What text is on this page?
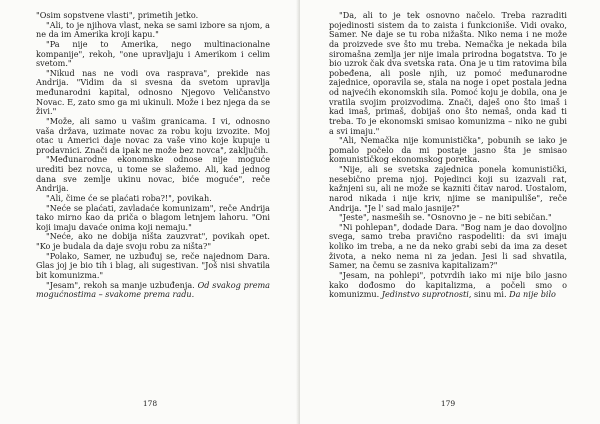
"Osim sopstvene vlasti", primetih jetko.

"Ali, to je njihova vlast, neka se sami izbore sa njom, a ne da im Amerika kroji kapu."

"Pa nije to Amerika, nego multinacionalne kompanije", rekoh, "one upravljaju i Amerikom i celim svetom."

"Nikud nas ne vodi ova rasprava", prekide nas Andrija. "Vidim da si svesna da svetom upravlja međunarodni kapital, odnosno Njegovo Veličanstvo Novac. E, zato smo ga mi ukinuli. Može i bez njega da se živi."

"Može, ali samo u vašim granicama. I vi, odnosno vaša država, uzimate novac za robu koju izvozite. Moj otac u Americi daje novac za vaše vino koje kupuje u prodavnici. Znači da ipak ne može bez novca", zaključih.

"Međunarodne ekonomske odnose nije moguće urediti bez novca, u tome se slažemo. Ali, kad jednog dana sve zemlje ukinu novac, biće moguće", reče Andrija.

"Ali, čime će se plaćati roba?!", povikah.

"Neće se plaćati, zavladaće komunizam", reče Andrija tako mirno kao da priča o blagom letnjem lahoru. "Oni koji imaju davaće onima koji nemaju."

"Neće, ako ne dobija ništa zauzvrat", povikah opet. "Ko je budala da daje svoju robu za ništa?"

"Polako, Samer, ne uzbuđuj se, reče najednom Dara. Glas joj je bio tih i blag, ali sugestivan. "Još nisi shvatila bit komunizma."

"Jesam", rekoh sa manje uzbuđenja. Od svakog prema mogućnostima – svakome prema radu.

178

"Da, ali to je tek osnovno načelo. Treba razraditi pojedinosti sistem da to zaista i funkcioniše. Vidi ovako, Samer. Ne daje se tu roba nižašta. Niko nema i ne može da proizvede sve što mu treba. Nemačka je nekada bila siromašna zemlja jer nije imala prirodna bogatstva. To je bio uzrok čak dva svetska rata. Ona je u tim ratovima bila pobeđena, ali posle njih, uz pomoć međunarodne zajednice, oporavila se, stala na noge i opet postala jedna od najvećih ekonomskih sila. Pomoć koju je dobila, ona je vratila svojim proizvodima. Znači, daješ ono što imaš i kad imaš, primaš, dobijaš ono što nemaš, onda kad ti treba. To je ekonomski smisao komunizma – niko ne gubi a svi imaju."

"Ali, Nemačka nije komunistička", pobunih se iako je pomalo počelo da mi postaje jasno šta je smisao komunističkog ekonomskog poretka.

"Nije, ali se svetska zajednica ponela komunistički, nesebično prema njoj. Pojedinci koji su izazvali rat, kažnjeni su, ali ne može se kazniti čitav narod. Uostalom, narod nikada i nije kriv, njime se manipuliše", reče Andrija. "Je l' sad malo jasnije?"

"Jeste", nasmeših se. "Osnovno je – ne biti sebičan."

"Ni pohlepan", dodade Dara. "Bog nam je dao dovoljno svega, samo treba pravično raspodeliti: da svi imaju koliko im treba, a ne da neko grabi sebi da ima za deset života, a neko nema ni za jedan. Jesi li sad shvatila, Samer, na čemu se zasniva kapitalizam?"

"Jesam, na pohlepi", potvrdih iako mi nije bilo jasno kako dođosmo do kapitalizma, a počeli smo o komunizmu. Jedinstvo suprotnosti, sinu mi. Da nije bilo

179
